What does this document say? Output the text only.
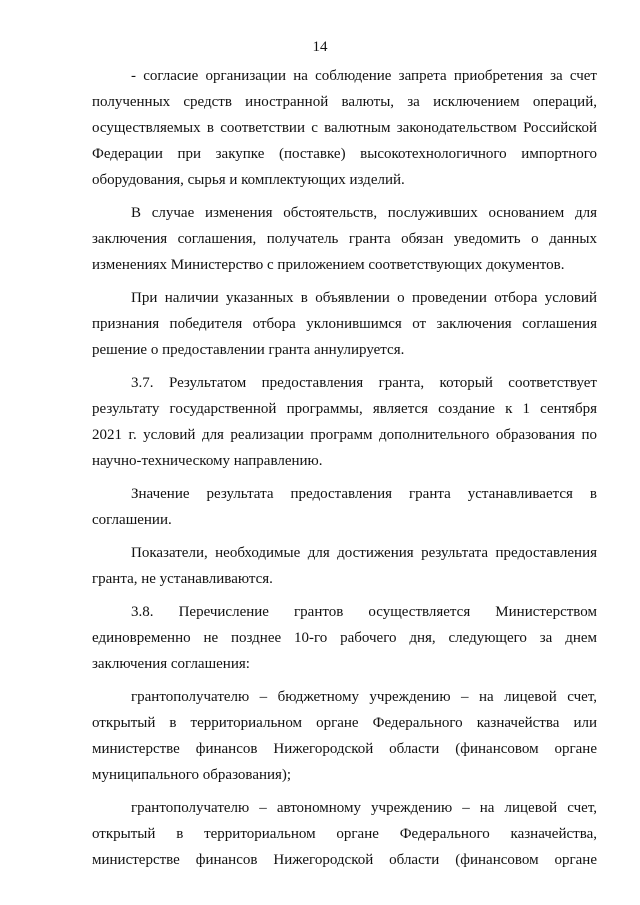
14
- согласие организации на соблюдение запрета приобретения за счет
полученных средств иностранной валюты, за исключением операций,
осуществляемых в соответствии с валютным законодательством Российской
Федерации при закупке (поставке) высокотехнологичного импортного
оборудования, сырья и комплектующих изделий.
В случае изменения обстоятельств, послуживших основанием для
заключения соглашения, получатель гранта обязан уведомить о данных
изменениях Министерство с приложением соответствующих документов.
При наличии указанных в объявлении о проведении отбора условий
признания победителя отбора уклонившимся от заключения соглашения
решение о предоставлении гранта аннулируется.
3.7. Результатом предоставления гранта, который соответствует
результату государственной программы, является создание к 1 сентября
2021 г. условий для реализации программ дополнительного образования по
научно-техническому направлению.
Значение результата предоставления гранта устанавливается в
соглашении.
Показатели, необходимые для достижения результата предоставления
гранта, не устанавливаются.
3.8. Перечисление грантов осуществляется Министерством
единовременно не позднее 10-го рабочего дня, следующего за днем
заключения соглашения:
грантополучателю – бюджетному учреждению – на лицевой счет,
открытый в территориальном органе Федерального казначейства или
министерстве финансов Нижегородской области (финансовом органе
муниципального образования);
грантополучателю – автономному учреждению – на лицевой счет,
открытый в территориальном органе Федерального казначейства,
министерстве финансов Нижегородской области (финансовом органе
